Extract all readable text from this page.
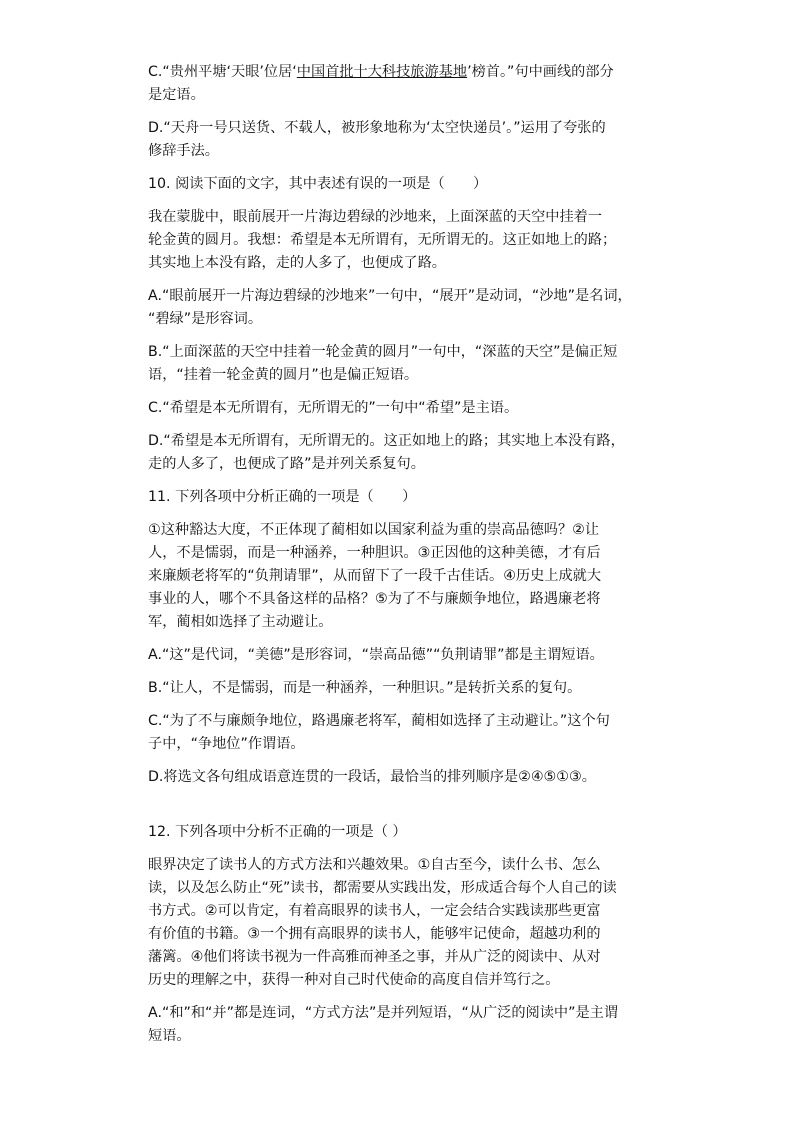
C.“贵州平塘‘天眼’位居‘中国首批十大科技旅游基地’榜首。”句中画线的部分

是定语。

D.“天舟一号只送货、不载人，被形象地称为‘太空快递员’。”运用了夸张的

修辞手法。

10. 阅读下面的文字，其中表述有误的一项是（　　）

我在蒙胧中，眼前展开一片海边碧绿的沙地来，上面深蓝的天空中挂着一

轮金黄的圆月。我想：希望是本无所谓有，无所谓无的。这正如地上的路；

其实地上本没有路，走的人多了，也便成了路。

A.“眼前展开一片海边碧绿的沙地来”一句中，“展开”是动词，“沙地”是名词，

“碧绿”是形容词。

B.“上面深蓝的天空中挂着一轮金黄的圆月”一句中，“深蓝的天空”是偏正短

语，“挂着一轮金黄的圆月”也是偏正短语。

C.“希望是本无所谓有，无所谓无的”一句中“希望”是主语。

D.“希望是本无所谓有，无所谓无的。这正如地上的路；其实地上本没有路，

走的人多了，也便成了路”是并列关系复句。

11. 下列各项中分析正确的一项是（　　）

①这种豁达大度，不正体现了蔺相如以国家利益为重的崇高品德吗？②让

人，不是懦弱，而是一种涵养，一种胆识。③正因他的这种美德，才有后

来廉颇老将军的“负荆请罪”，从而留下了一段千古佳话。④历史上成就大

事业的人，哪个不具备这样的品格？⑤为了不与廉颇争地位，路遇廉老将

军，蔺相如选择了主动避让。

A.“这”是代词，“美德”是形容词，“崇高品德”“负荆请罪”都是主谓短语。

B.“让人，不是懦弱，而是一种涵养，一种胆识。”是转折关系的复句。

C.“为了不与廉颇争地位，路遇廉老将军，蔺相如选择了主动避让。”这个句

子中，“争地位”作谓语。

D.将选文各句组成语意连贯的一段话，最恰当的排列顺序是②④⑤①③。

12. 下列各项中分析不正确的一项是（ ）

眼界决定了读书人的方式方法和兴趣效果。①自古至今，读什么书、怎么

读，以及怎么防止“死”读书，都需要从实践出发，形成适合每个人自己的读

书方式。②可以肯定，有着高眼界的读书人，一定会结合实践读那些更富

有价值的书籍。③一个拥有高眼界的读书人，能够牢记使命，超越功利的

藩篱。④他们将读书视为一件高雅而神圣之事，并从广泛的阅读中、从对

历史的理解之中，获得一种对自己时代使命的高度自信并笃行之。

A.“和”和“并”都是连词，“方式方法”是并列短语，“从广泛的阅读中”是主谓

短语。
